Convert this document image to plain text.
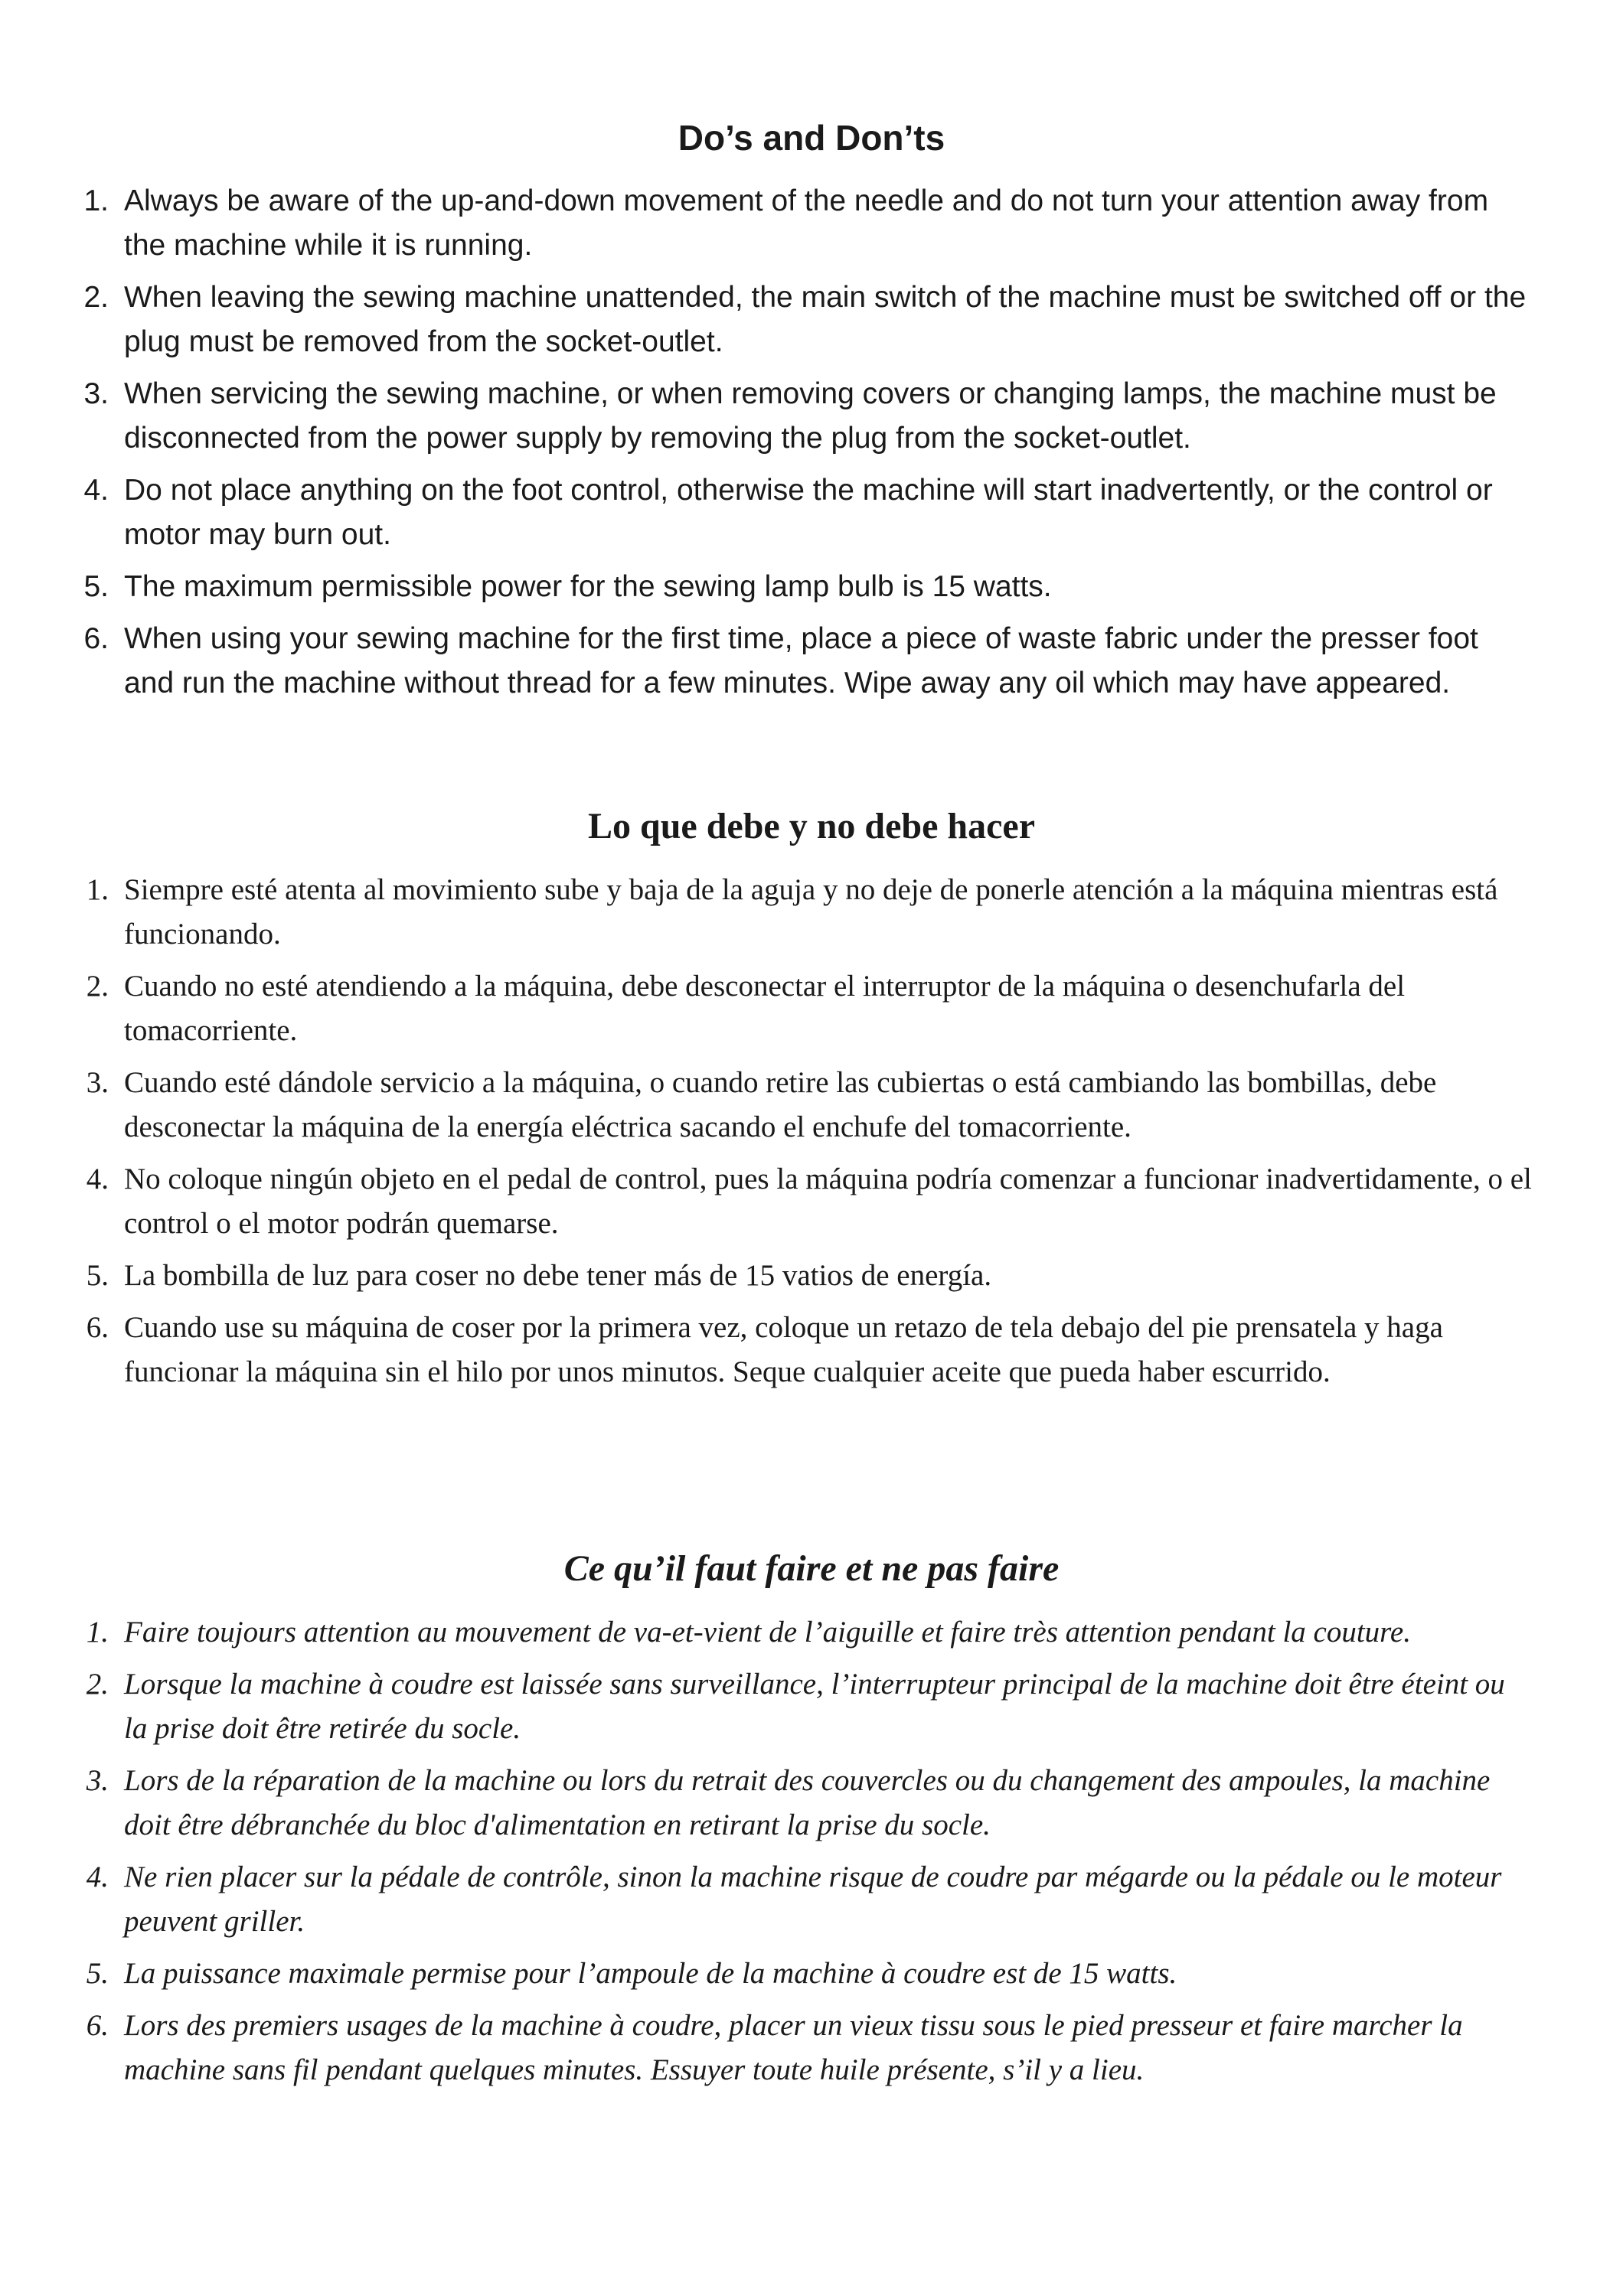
Do’s and Don’ts
1. Always be aware of the up-and-down movement of the needle and do not turn your attention away from the machine while it is running.
2. When leaving the sewing machine unattended, the main switch of the machine must be switched off or the plug must be removed from the socket-outlet.
3. When servicing the sewing machine, or when removing covers or changing lamps, the machine must be disconnected from the power supply by removing the plug from the socket-outlet.
4. Do not place anything on the foot control, otherwise the machine will start inadvertently, or the control or motor may burn out.
5. The maximum permissible power for the sewing lamp bulb is 15 watts.
6. When using your sewing machine for the first time, place a piece of waste fabric under the presser foot and run the machine without thread for a few minutes. Wipe away any oil which may have appeared.
Lo que debe y no debe hacer
1. Siempre esté atenta al movimiento sube y baja de la aguja y no deje de ponerle atención a la máquina mientras está funcionando.
2. Cuando no esté atendiendo a la máquina, debe desconectar el interruptor de la máquina o desenchufarla del tomacorriente.
3. Cuando esté dándole servicio a la máquina, o cuando retire las cubiertas o está cambiando las bombillas, debe desconectar la máquina de la energía eléctrica sacando el enchufe del tomacorriente.
4. No coloque ningún objeto en el pedal de control, pues la máquina podría comenzar a funcionar inadvertidamente, o el control o el motor podrán quemarse.
5. La bombilla de luz para coser no debe tener más de 15 vatios de energía.
6. Cuando use su máquina de coser por la primera vez, coloque un retazo de tela debajo del pie prensatela y haga funcionar la máquina sin el hilo por unos minutos. Seque cualquier aceite que pueda haber escurrido.
Ce qu’il faut faire et ne pas faire
1. Faire toujours attention au mouvement de va-et-vient de l’aiguille et faire très attention pendant la couture.
2. Lorsque la machine à coudre est laissée sans surveillance, l’interrupteur principal de la machine doit être éteint ou la prise doit être retirée du socle.
3. Lors de la réparation de la machine ou lors du retrait des couvercles ou du changement des ampoules, la machine doit être débranchée du bloc d'alimentation en retirant la prise du socle.
4. Ne rien placer sur la pédale de contrôle, sinon la machine risque de coudre par mégarde ou la pédale ou le moteur peuvent griller.
5. La puissance maximale permise pour l’ampoule de la machine à coudre est de 15 watts.
6. Lors des premiers usages de la machine à coudre, placer un vieux tissu sous le pied presseur et faire marcher la machine sans fil pendant quelques minutes. Essuyer toute huile présente, s’il y a lieu.
